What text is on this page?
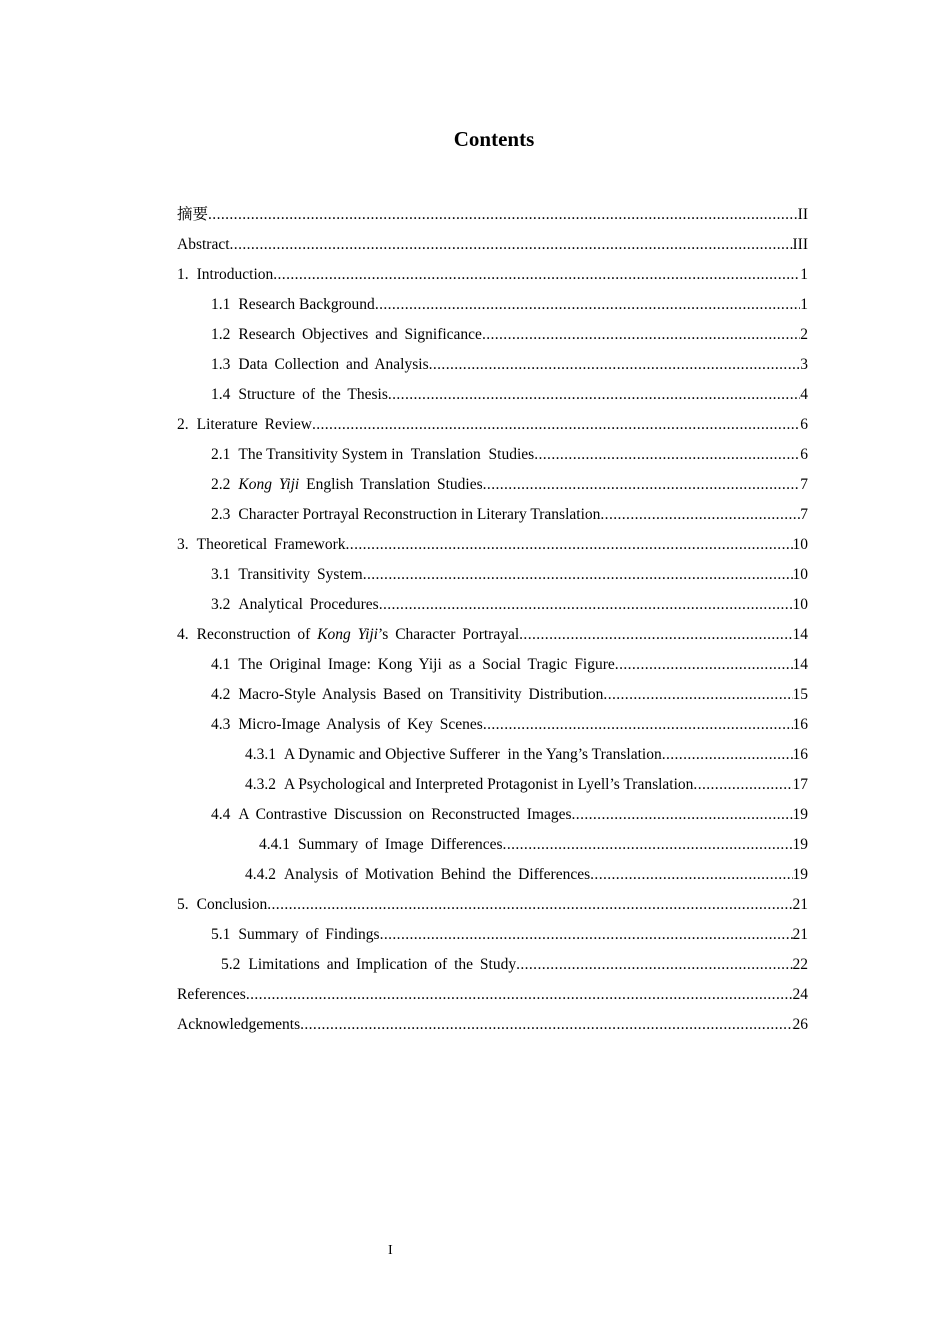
Contents
摘要 .....	II
Abstract .....	III
1. Introduction .....	1
1.1 Research Background .....	1
1.2 Research Objectives and Significance .....	2
1.3 Data Collection and Analysis .....	3
1.4 Structure of the Thesis .....	4
2. Literature Review .....	6
2.1 The Transitivity System in  Translation  Studies .....	6
2.2 Kong Yiji English Translation Studies .....	7
2.3 Character Portrayal Reconstruction in Literary Translation .....	7
3. Theoretical Framework .....	10
3.1 Transitivity System .....	10
3.2 Analytical Procedures .....	10
4. Reconstruction of Kong Yiji’s Character Portrayal .....	14
4.1 The Original Image: Kong Yiji as a Social Tragic Figure .....	14
4.2 Macro-Style Analysis Based on Transitivity Distribution .....	15
4.3 Micro-Image Analysis of Key Scenes .....	16
4.3.1 A Dynamic and Objective Sufferer  in the Yang’s Translation .....	16
4.3.2 A Psychological and Interpreted Protagonist in Lyell’s Translation .....	17
4.4 A Contrastive Discussion on Reconstructed Images .....	19
4.4.1 Summary of Image Differences .....	19
4.4.2 Analysis of Motivation Behind the Differences .....	19
5. Conclusion .....	21
5.1 Summary of Findings .....	21
5.2 Limitations and Implication of the Study .....	22
References .....	24
Acknowledgements .....	26
I
